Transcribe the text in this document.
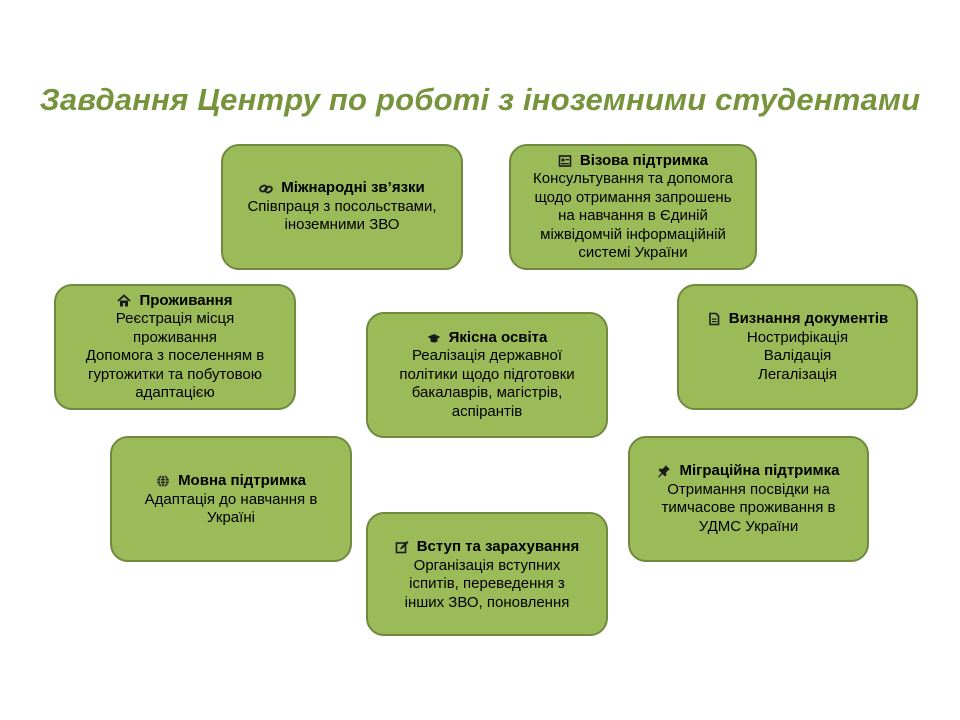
Завдання Центру по роботі з іноземними студентами
Міжнародні зв’язки
Співпраця з посольствами,
іноземними ЗВО
Візова підтримка
Консультування та допомога
щодо отримання запрошень
на навчання в Єдиній
міжвідомчій інформаційній
системі України
Проживання
Реєстрація місця
проживання
Допомога з поселенням в
гуртожитки та побутовою
адаптацією
Якісна освіта
Реалізація державної
політики щодо підготовки
бакалаврів, магістрів,
аспірантів
Визнання документів
Нострифікація
Валідація
Легалізація
Мовна підтримка
Адаптація до навчання в
Україні
Міграційна підтримка
Отримання посвідки на
тимчасове проживання в
УДМС України
Вступ та зарахування
Організація вступних
іспитів, переведення з
інших ЗВО, поновлення
